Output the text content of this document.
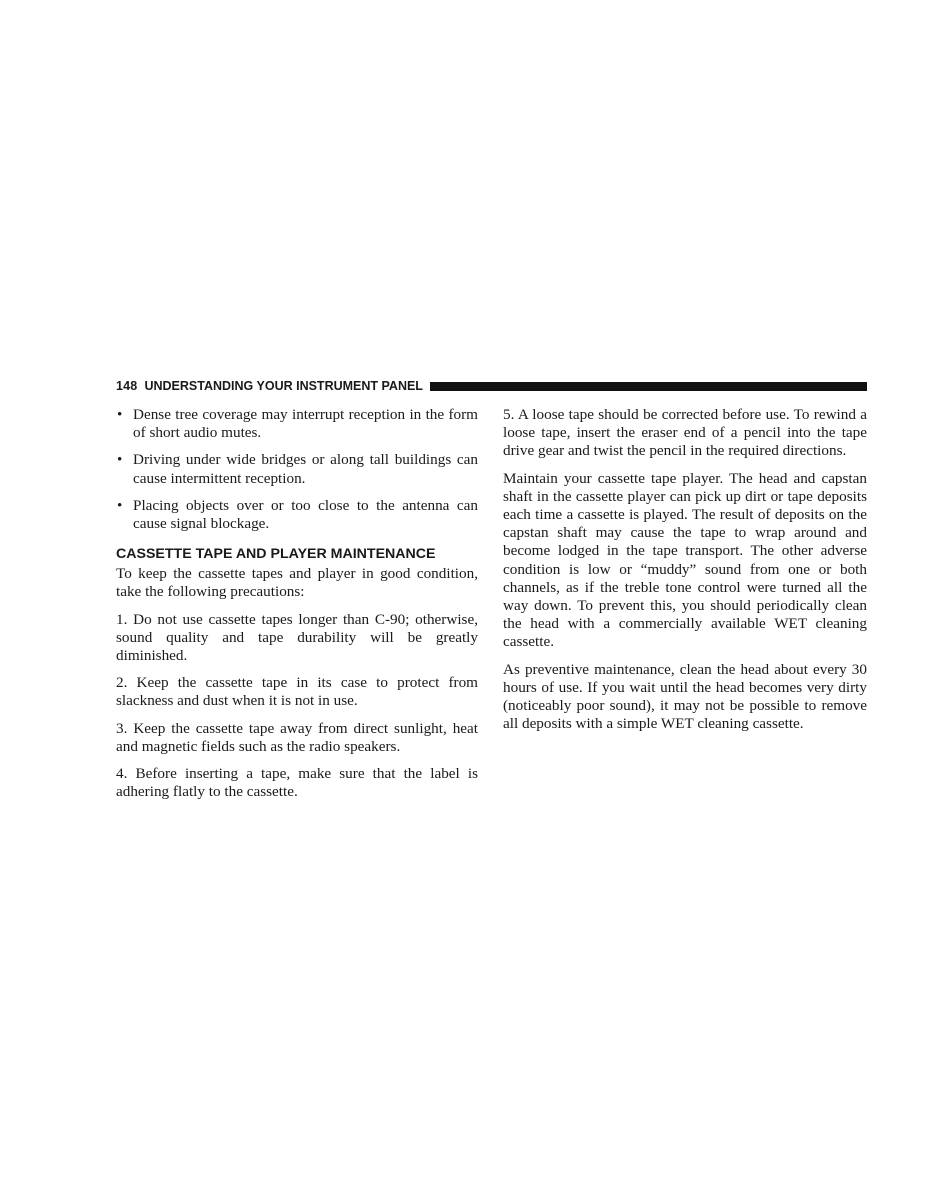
148 UNDERSTANDING YOUR INSTRUMENT PANEL
• Dense tree coverage may interrupt reception in the form of short audio mutes.
• Driving under wide bridges or along tall buildings can cause intermittent reception.
• Placing objects over or too close to the antenna can cause signal blockage.
CASSETTE TAPE AND PLAYER MAINTENANCE

To keep the cassette tapes and player in good condition, take the following precautions:

1. Do not use cassette tapes longer than C-90; otherwise, sound quality and tape durability will be greatly diminished.

2. Keep the cassette tape in its case to protect from slackness and dust when it is not in use.

3. Keep the cassette tape away from direct sunlight, heat and magnetic fields such as the radio speakers.

4. Before inserting a tape, make sure that the label is adhering flatly to the cassette.

5. A loose tape should be corrected before use. To rewind a loose tape, insert the eraser end of a pencil into the tape drive gear and twist the pencil in the required directions.

Maintain your cassette tape player. The head and capstan shaft in the cassette player can pick up dirt or tape deposits each time a cassette is played. The result of deposits on the capstan shaft may cause the tape to wrap around and become lodged in the tape transport. The other adverse condition is low or “muddy” sound from one or both channels, as if the treble tone control were turned all the way down. To prevent this, you should periodically clean the head with a commercially available WET cleaning cassette.

As preventive maintenance, clean the head about every 30 hours of use. If you wait until the head becomes very dirty (noticeably poor sound), it may not be possible to remove all deposits with a simple WET cleaning cassette.
